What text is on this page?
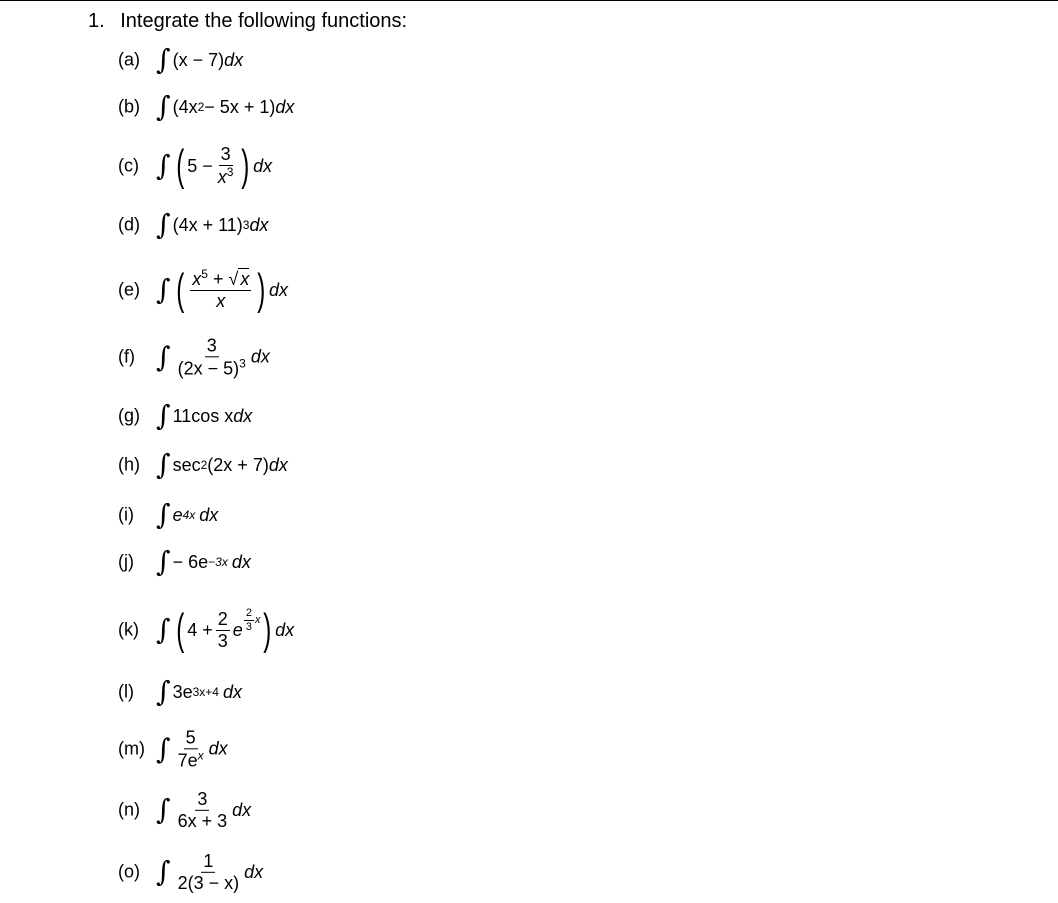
1. Integrate the following functions:
(a) ∫ (x − 7) dx
(b) ∫ (4x 2 − 5x + 1) dx
(c) ∫ ( $5 - \frac{3}{x^3}$ ) dx
(d) ∫ (4x + 11) 3 dx
(e) ∫ ( $\frac{x^5 + √ x}{x}$ ) dx
(f) ∫ $\frac{3}{(2x - 5)^3}$ dx
(g) ∫ 11cos x dx
(h) ∫ sec 2 (2x + 7) dx
(i) ∫ e 4x dx
(j) ∫ − 6e −3x dx
(k) ∫ ( $4 + \frac{2}{3}$ e $\frac{2}{3}$ x ) dx
(l) ∫ 3e 3x+4 dx
(m) ∫ $\frac{5}{7e^x}$ dx
(n) ∫ $\frac{3}{6x + 3}$ dx
(o) ∫ $\frac{1}{2(3 - x)}$ dx
